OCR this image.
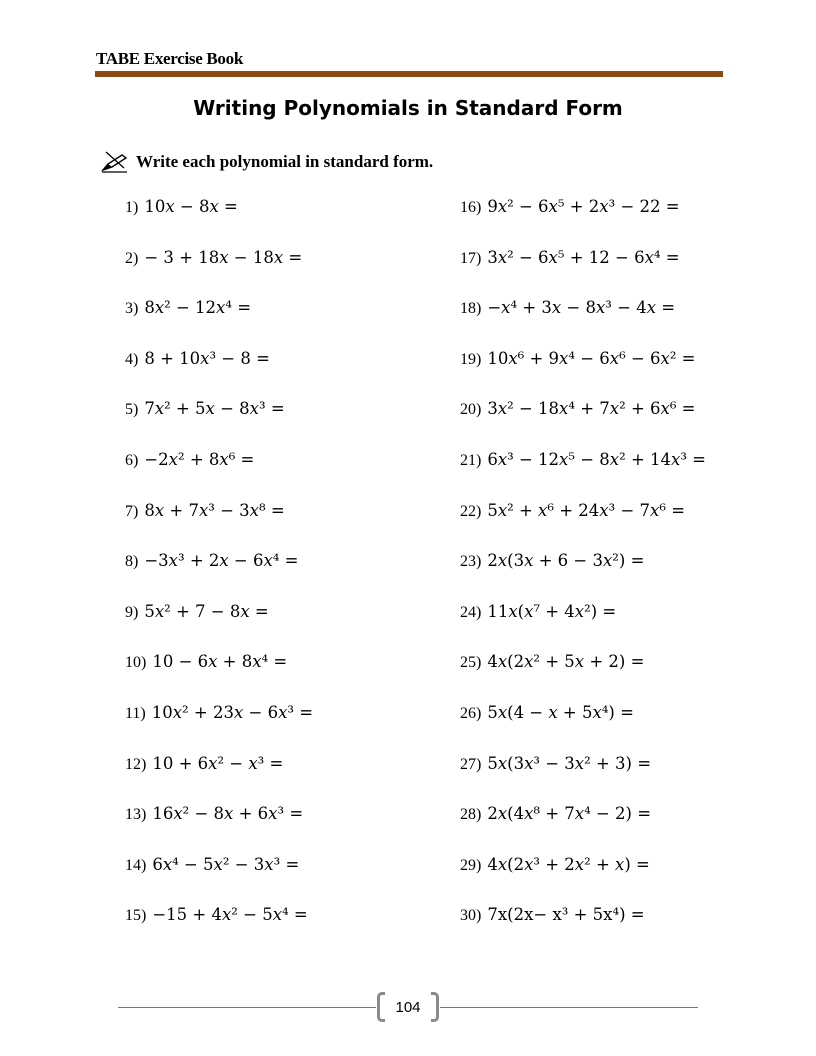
TABE Exercise Book
Writing Polynomials in Standard Form
Write each polynomial in standard form.
1) 10𝑥 − 8𝑥 =
2) − 3 + 18𝑥 − 18𝑥 =
3) 8𝑥² − 12𝑥⁴ =
4) 8 + 10𝑥³ − 8 =
5) 7𝑥² + 5𝑥 − 8𝑥³ =
6) −2𝑥² + 8𝑥⁶ =
7) 8𝑥 + 7𝑥³ − 3𝑥⁸ =
8) −3𝑥³ + 2𝑥 − 6𝑥⁴ =
9) 5𝑥² + 7 − 8𝑥 =
10) 10 − 6𝑥 + 8𝑥⁴ =
11) 10𝑥² + 23𝑥 − 6𝑥³ =
12) 10 + 6𝑥² − 𝑥³ =
13) 16𝑥² − 8𝑥 + 6𝑥³ =
14) 6𝑥⁴ − 5𝑥² − 3𝑥³ =
15) −15 + 4𝑥² − 5𝑥⁴ =
16) 9𝑥² − 6𝑥⁵ + 2𝑥³ − 22 =
17) 3𝑥² − 6𝑥⁵ + 12 − 6𝑥⁴ =
18) −𝑥⁴ + 3𝑥 − 8𝑥³ − 4𝑥 =
19) 10𝑥⁶ + 9𝑥⁴ − 6𝑥⁶ − 6𝑥² =
20) 3𝑥² − 18𝑥⁴ + 7𝑥² + 6𝑥⁶ =
21) 6𝑥³ − 12𝑥⁵ − 8𝑥² + 14𝑥³ =
22) 5𝑥² + 𝑥⁶ + 24𝑥³ − 7𝑥⁶ =
23) 2𝑥(3𝑥 + 6 − 3𝑥²) =
24) 11𝑥(𝑥⁷ + 4𝑥²) =
25) 4𝑥(2𝑥² + 5𝑥 + 2) =
26) 5𝑥(4 − 𝑥 + 5𝑥⁴) =
27) 5𝑥(3𝑥³ − 3𝑥² + 3) =
28) 2𝑥(4𝑥⁸ + 7𝑥⁴ − 2) =
29) 4𝑥(2𝑥³ + 2𝑥² + 𝑥) =
30) 7x(2x− x³ + 5x⁴) =
104
